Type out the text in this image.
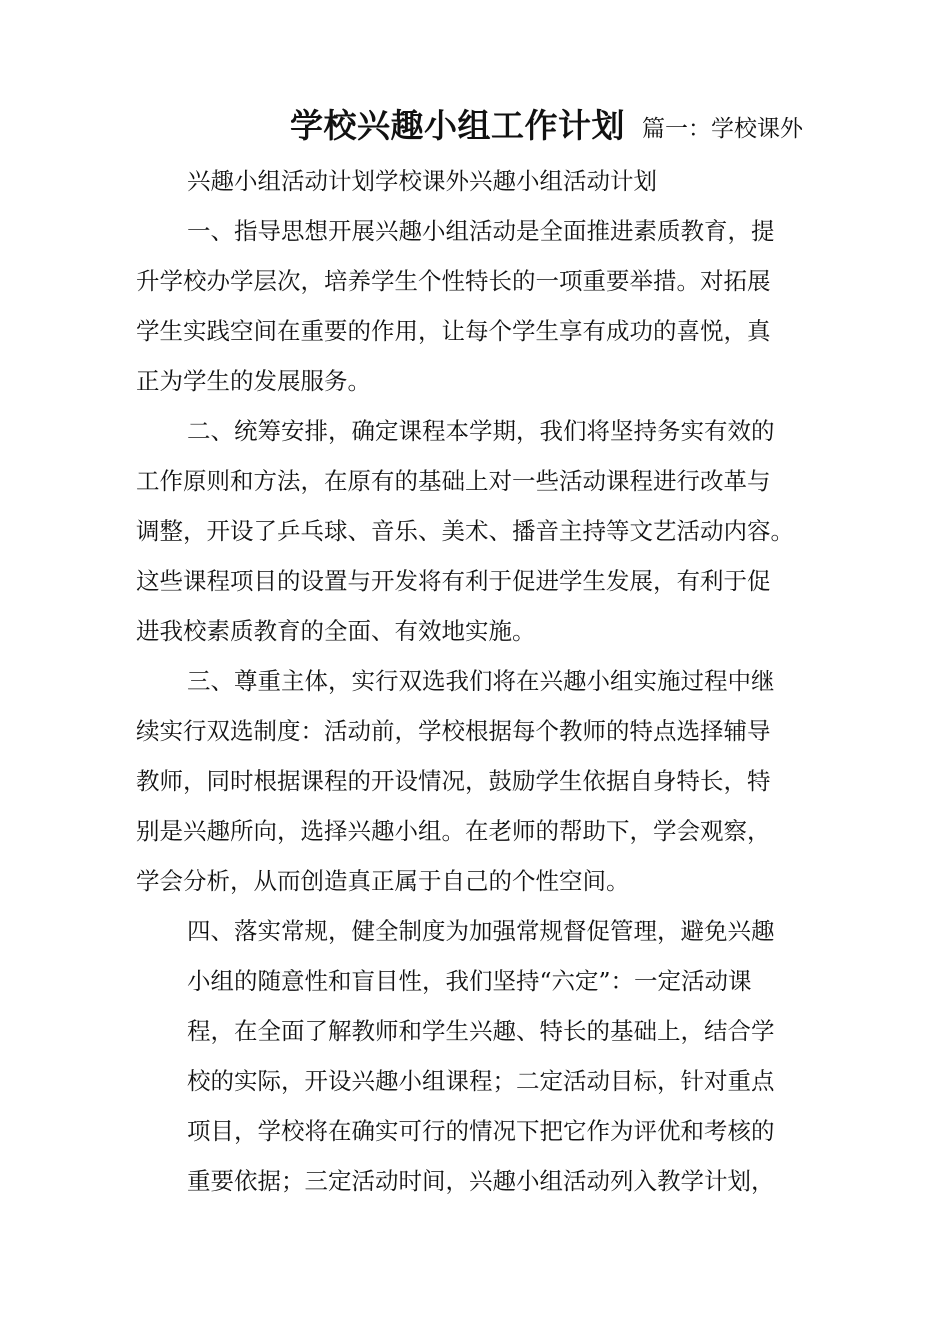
学校兴趣小组工作计划 篇一：学校课外
兴趣小组活动计划学校课外兴趣小组活动计划
一、指导思想开展兴趣小组活动是全面推进素质教育，提
升学校办学层次，培养学生个性特长的一项重要举措。对拓展
学生实践空间在重要的作用，让每个学生享有成功的喜悦，真
正为学生的发展服务。
二、统筹安排，确定课程本学期，我们将坚持务实有效的
工作原则和方法，在原有的基础上对一些活动课程进行改革与
调整，开设了乒乓球、音乐、美术、播音主持等文艺活动内容。
这些课程项目的设置与开发将有利于促进学生发展，有利于促
进我校素质教育的全面、有效地实施。
三、尊重主体，实行双选我们将在兴趣小组实施过程中继
续实行双选制度：活动前，学校根据每个教师的特点选择辅导
教师，同时根据课程的开设情况，鼓励学生依据自身特长，特
别是兴趣所向，选择兴趣小组。在老师的帮助下，学会观察，
学会分析，从而创造真正属于自己的个性空间。
四、落实常规，健全制度为加强常规督促管理，避免兴趣
小组的随意性和盲目性，我们坚持“六定”：一定活动课
程，在全面了解教师和学生兴趣、特长的基础上，结合学
校的实际，开设兴趣小组课程；二定活动目标，针对重点
项目，学校将在确实可行的情况下把它作为评优和考核的
重要依据；三定活动时间，兴趣小组活动列入教学计划，
